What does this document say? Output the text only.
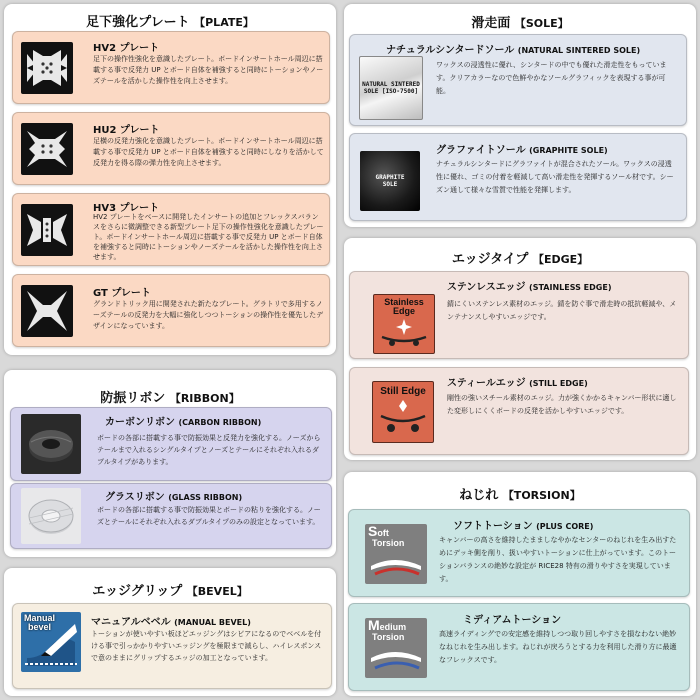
足下強化プレート 【PLATE】
HV2 プレート
足下の操作性強化を意識したプレート。ボードインサートホール周辺に搭載する事で反発力 UP とボード自体を補強すると同時にトーションやノーズテールを活かした操作性を向上させます。
HU2 プレート
足横の反発力強化を意識したプレート。ボードインサートホール周辺に搭載する事で反発力 UP とボード自体を補強すると同時にしなりを活かして反発力を得る際の弾力性を向上させます。
HV3 プレート
HV2 プレートをベースに開発したインサートの追加とフレックスバランスをさらに微調整できる新型プレート足下の操作性強化を意識したプレート。ボードインサートホール周辺に搭載する事で反発力 UP とボード自体を補強すると同時にトーションやノーズテールを活かした操作性を向上させます。
GT プレート
グランドトリック用に開発された新たなプレート。グラトリで多用するノーズテールの反発力を大幅に強化しつつトーションの操作性を優先したデザインになっています。
防振リボン 【RIBBON】
カーボンリボン (CARBON RIBBON)
ボードの各部に搭載する事で防振効果と反発力を強化する。ノーズからテールまで入れるシングルタイプとノーズとテールにそれぞれ入れるダブルタイプがあります。
グラスリボン (GLASS RIBBON)
ボードの各部に搭載する事で防振効果とボードの粘りを強化する。ノーズとテールにそれぞれ入れるダブルタイプのみの設定となっています。
エッジグリップ 【BEVEL】
Manual
bevel	マニュアルベベル (MANUAL BEVEL)
トーションが使いやすい板ほどエッジングはシビアになるのでベベルを付ける事で引っかかりやすいエッジングを極限まで減らし、ハイレスポンスで意のままにグリップするエッジの加工となっています。
滑走面 【SOLE】
NATURAL SINTERED
SOLE [ISO-7500]
ナチュラルシンタードソール (NATURAL SINTERED SOLE)
ワックスの浸透性に優れ、シンタードの中でも優れた滑走性をもっています。クリアカラーなので色鮮やかなソールグラフィックを表現する事が可能。
GRAPHITE
SOLE
グラファイトソール (GRAPHITE SOLE)
ナチュラルシンタードにグラファイトが混合されたソール。ワックスの浸透性に優れ、ゴミの付着を軽減して高い滑走性を発揮するソール材です。シーズン通して様々な雪質で性能を発揮します。
エッジタイプ 【EDGE】
Stainless
Edge
ステンレスエッジ (STAINLESS EDGE)
錆にくいステンレス素材のエッジ。錆を防ぐ事で滑走時の抵抗軽減や、メンテナンスしやすいエッジです。
Still Edge
スティールエッジ (STILL EDGE)
剛性の強いスチール素材のエッジ。力が強くかかるキャンバー形状に適した変形しにくくボードの反発を活かしやすいエッジです。
ねじれ 【TORSION】
Soft
Torsion
ソフトトーション (PLUS CORE)
キャンバーの高さを維持したまましなやかなセンターのねじれを生み出すためにデッキ側を削り、扱いやすいトーションに仕上がっています。このトーションバランスの絶妙な設定が RICE28 特有の滑りやすさを実現しています。
Medium
Torsion
ミディアムトーション
高速ライディングでの安定感を維持しつつ取り回しやすさを損なわない絶妙なねじれを生み出します。ねじれが戻ろうとする力を利用した滑り方に最適なフレックスです。
